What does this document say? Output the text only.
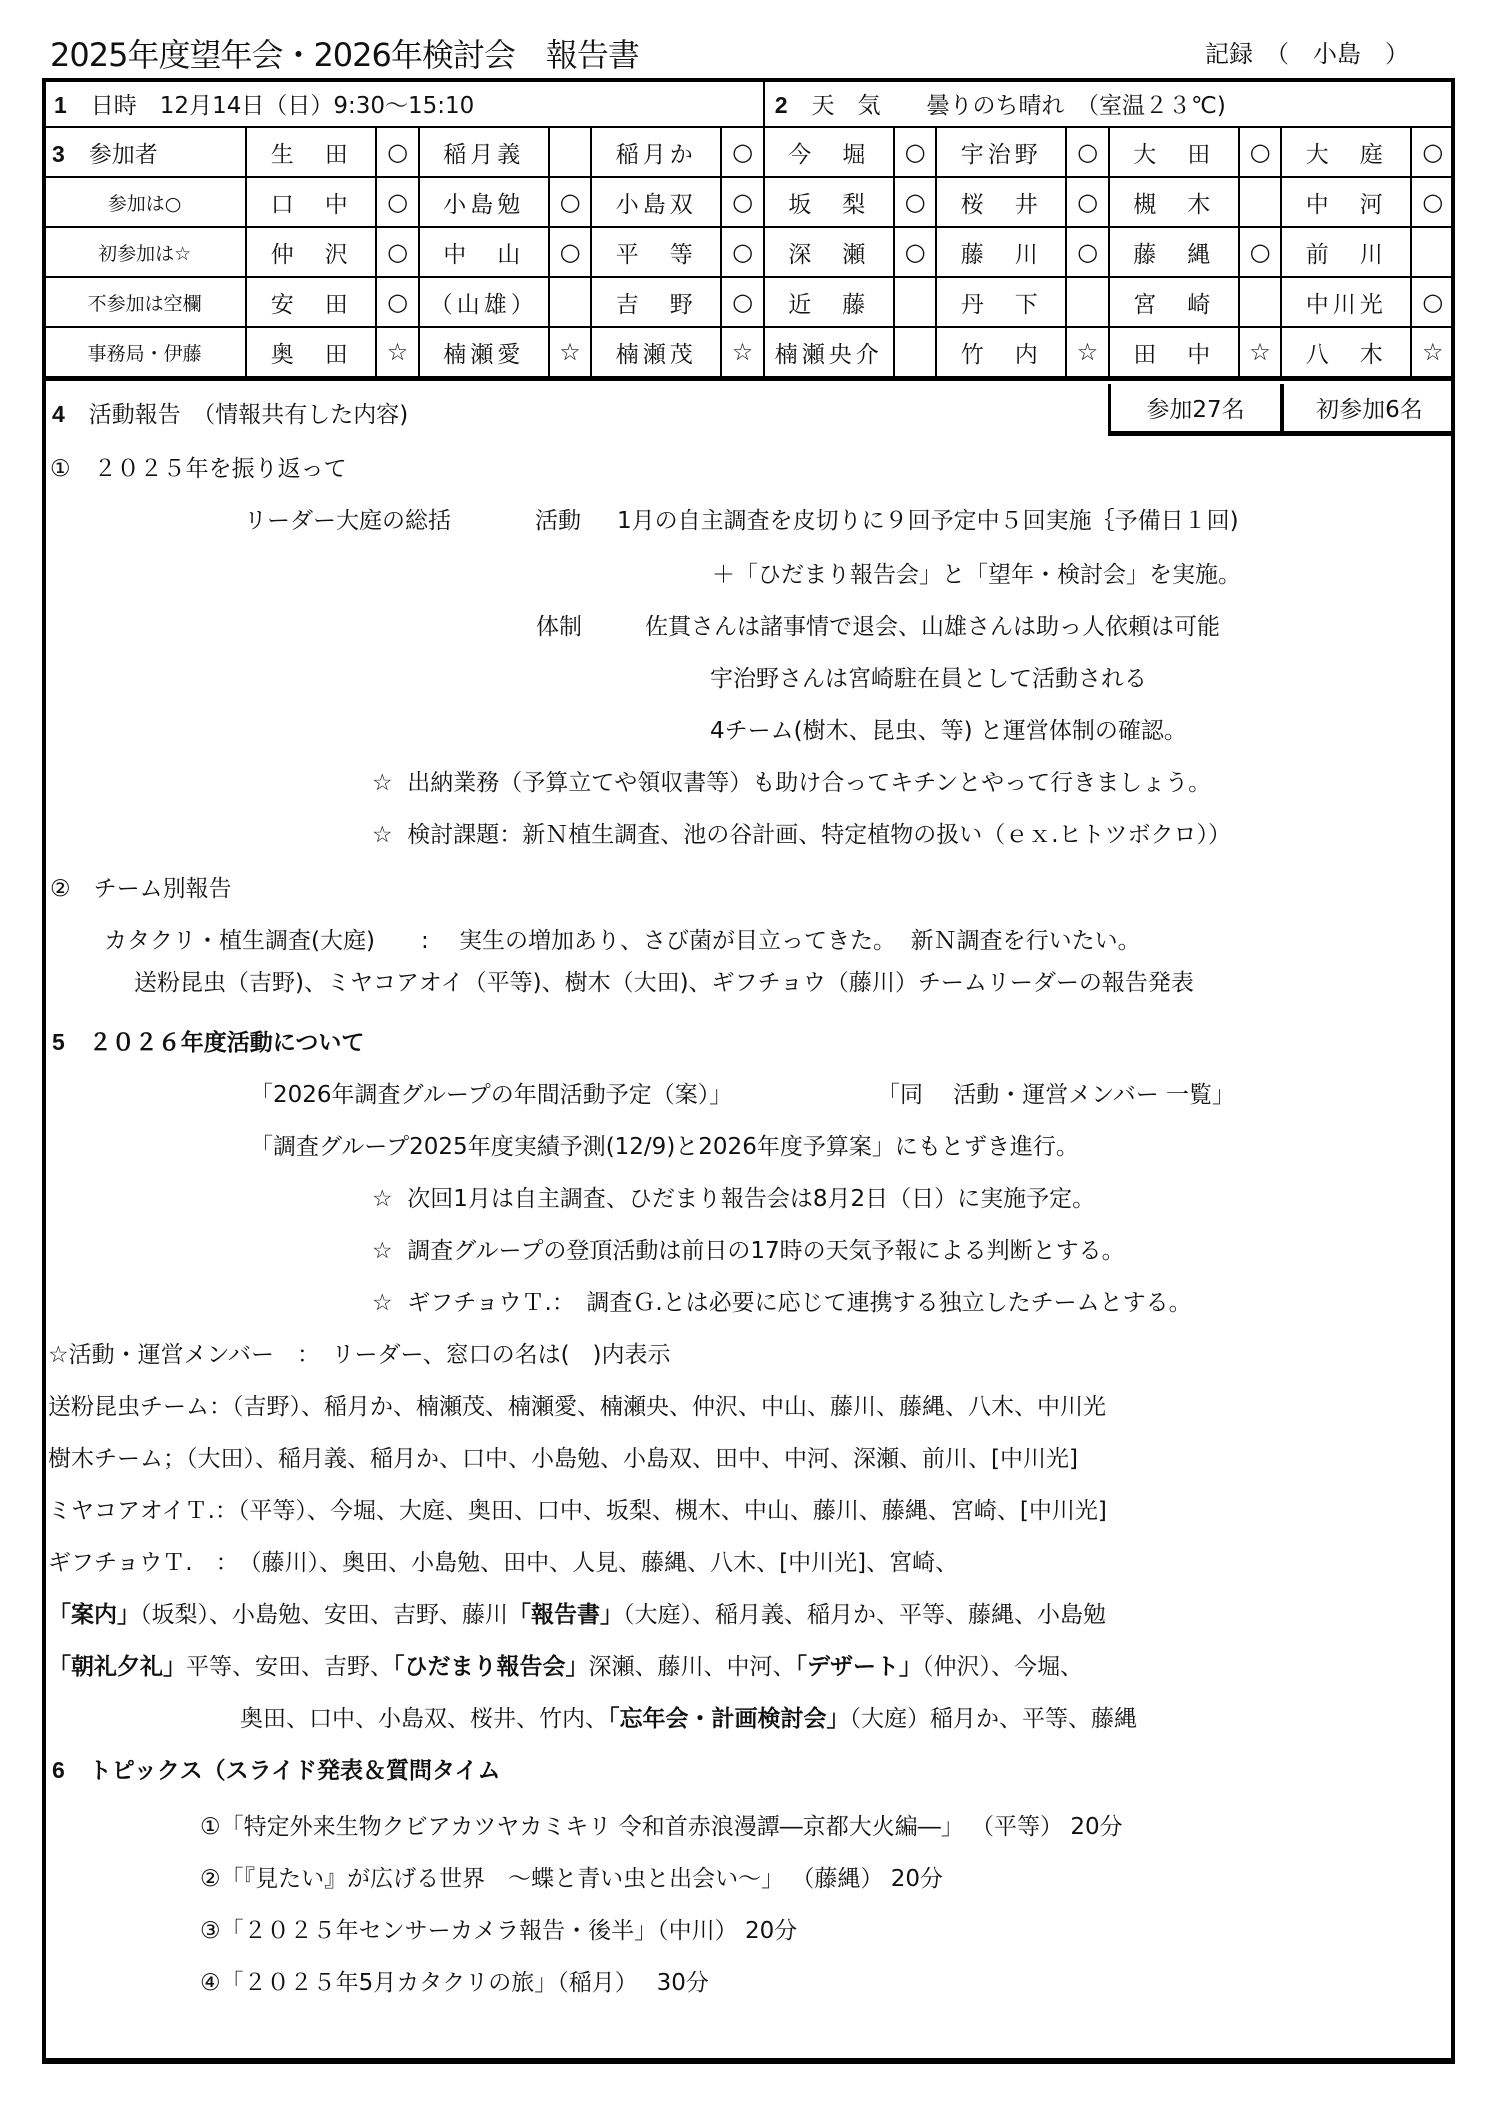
2025年度望年会・2026年検討会　報告書	記録　（　小島　）
1 日時　12月14日（日）9:30～15:10							2 天　気　　曇りのち晴れ　（室温２３℃)							
3 参加者	生　田	○	稲月義		稲月か	○	今　堀	○	宇治野	○	大　田	○	大　庭	○
参加は○	口　中	○	小島勉	○	小島双	○	坂　梨	○	桜　井	○	槻　木		中　河	○
初参加は☆	仲　沢	○	中　山	○	平　等	○	深　瀬	○	藤　川	○	藤　縄	○	前　川	
不参加は空欄	安　田	○	（山雄）		吉　野	○	近　藤		丹　下		宮　崎		中川光	○
事務局・伊藤	奥　田	☆	楠瀬愛	☆	楠瀬茂	☆	楠瀬央介		竹　内	☆	田　中	☆	八　木	☆
参加27名	初参加6名
4 活動報告　（情報共有した内容)
①　２０２５年を振り返って
リーダー大庭の総括	活動 1月の自主調査を皮切りに９回予定中５回実施｛予備日１回)
＋「ひだまり報告会」と「望年・検討会」を実施。
体制	佐貫さんは諸事情で退会、山雄さんは助っ人依頼は可能
宇治野さんは宮崎駐在員として活動される
4チーム(樹木、昆虫、等) と運営体制の確認。
☆  出納業務（予算立てや領収書等）も助け合ってキチンとやって行きましょう。
☆  検討課題：新Ｎ植生調査、池の谷計画、特定植物の扱い（ｅｘ.ヒトツボクロ））
②　チーム別報告
カタクリ・植生調査(大庭)　　:　 実生の増加あり、さび菌が目立ってきた。  新Ｎ調査を行いたい。
送粉昆虫（吉野)、ミヤコアオイ（平等)、樹木（大田)、ギフチョウ（藤川）チームリーダーの報告発表
5 ２０２６年度活動について
「2026年調査グループの年間活動予定（案）」	「同　 活動・運営メンバー 一覧」
「調査グループ2025年度実績予測(12/9)と2026年度予算案」にもとずき進行。
☆  次回1月は自主調査、ひだまり報告会は8月2日（日）に実施予定。
☆  調査グループの登頂活動は前日の17時の天気予報による判断とする。
☆  ギフチョウＴ.：　調査Ｇ.とは必要に応じて連携する独立したチームとする。
☆活動・運営メンバー　：　リーダー、窓口の名は(　)内表示
送粉昆虫チーム：（吉野）、稲月か、楠瀬茂、楠瀬愛、楠瀬央、仲沢、中山、藤川、藤縄、八木、中川光
樹木チーム；（大田）、稲月義、稲月か、口中、小島勉、小島双、田中、中河、深瀬、前川、[中川光]
ミヤコアオイＴ.：（平等）、今堀、大庭、奥田、口中、坂梨、槻木、中山、藤川、藤縄、宮崎、[中川光]
ギフチョウＴ.　：　（藤川）、奥田、小島勉、田中、人見、藤縄、八木、[中川光]、宮崎、
「案内」（坂梨）、小島勉、安田、吉野、藤川「報告書」（大庭）、稲月義、稲月か、平等、藤縄、小島勉
「朝礼夕礼」平等、安田、吉野、「ひだまり報告会」深瀬、藤川、中河、「デザート」（仲沢）、今堀、
奥田、口中、小島双、桜井、竹内、「忘年会・計画検討会」（大庭）稲月か、平等、藤縄
6 トピックス（スライド発表＆質問タイム
①「特定外来生物クビアカツヤカミキリ 令和首赤浪漫譚―京都大火編―」 （平等） 20分
②「『見たい』が広げる世界　～蝶と青い虫と出会い～」 （藤縄） 20分
③「２０２５年センサーカメラ報告・後半」（中川） 20分
④「２０２５年5月カタクリの旅」（稲月）　 30分
